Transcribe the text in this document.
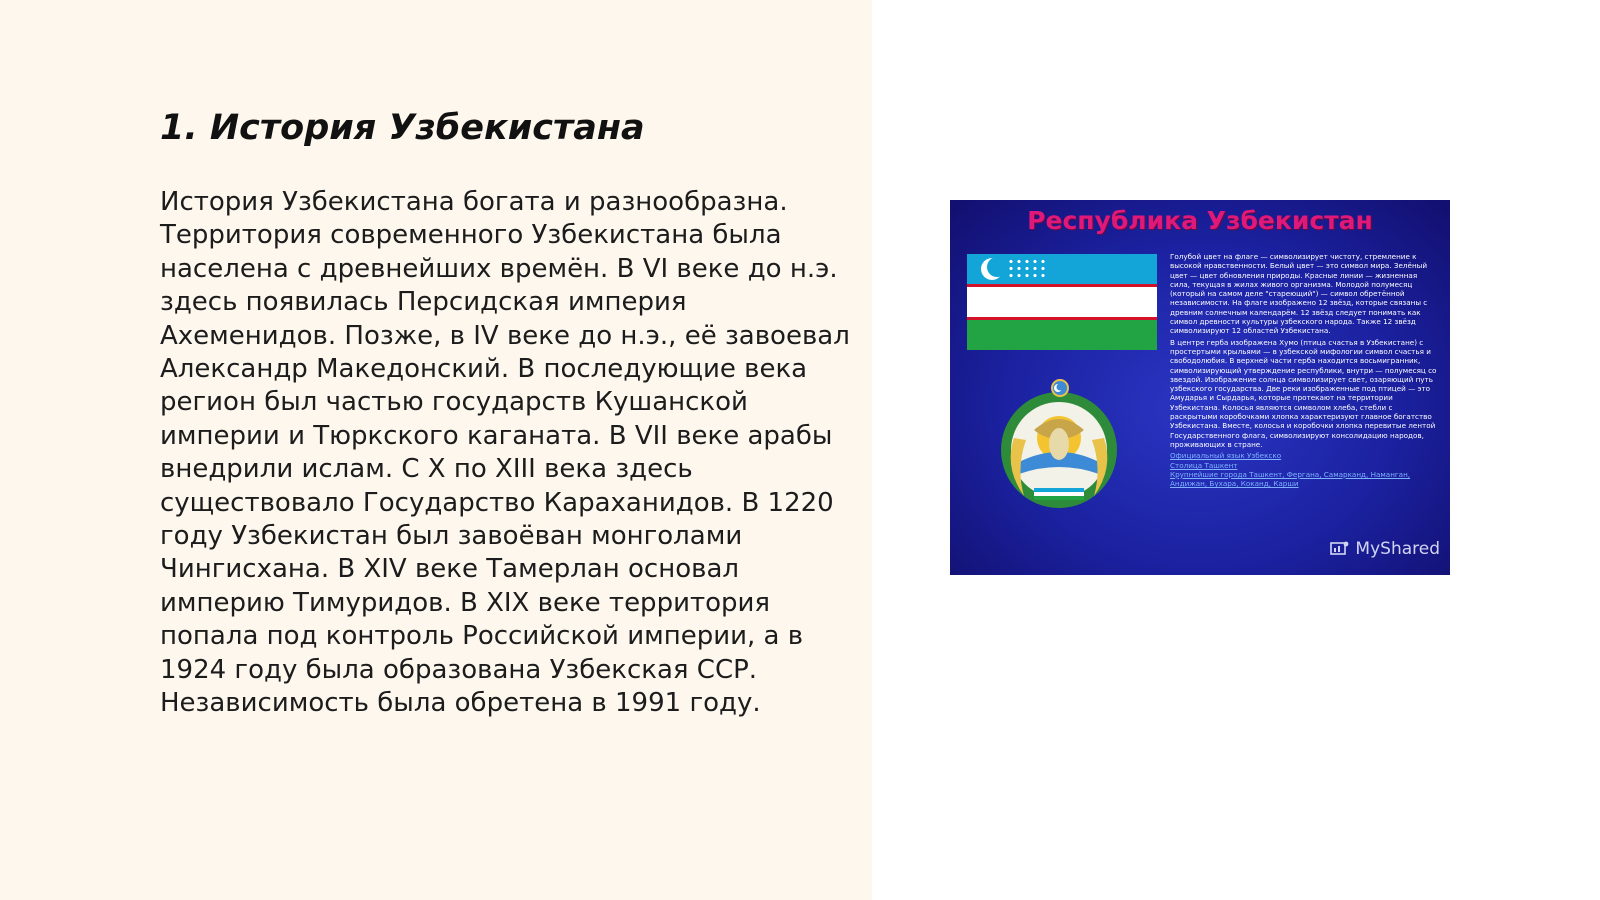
1. История Узбекистана

История Узбекистана богата и разнообразна. Территория современного Узбекистана была населена с древнейших времён. В VI веке до н.э. здесь появилась Персидская империя Ахеменидов. Позже, в IV веке до н.э., её завоевал Александр Македонский. В последующие века регион был частью государств Кушанской империи и Тюркского каганата. В VII веке арабы внедрили ислам. С X по XIII века здесь существовало Государство Караханидов. В 1220 году Узбекистан был завоёван монголами Чингисхана. В XIV веке Тамерлан основал империю Тимуридов. В XIX веке территория попала под контроль Российской империи, а в 1924 году была образована Узбекская ССР. Независимость была обретена в 1991 году.

Республика Узбекистан

Голубой цвет на флаге — символизирует чистоту, стремление к высокой нравственности. Белый цвет — это символ мира. Зелёный цвет — цвет обновления природы. Красные линии — жизненная сила, текущая в жилах живого организма. Молодой полумесяц (который на самом деле "стареющий") — символ обретённой независимости. На флаге изображено 12 звёзд, которые связаны с древним солнечным календарём. 12 звёзд следует понимать как символ древности культуры узбекского народа. Также 12 звёзд символизируют 12 областей Узбекистана.

В центре герба изображена Хумо (птица счастья в Узбекистане) с простертыми крыльями — в узбекской мифологии символ счастья и свободолюбия. В верхней части герба находится восьмигранник, символизирующий утверждение республики, внутри — полумесяц со звездой. Изображение солнца символизирует свет, озаряющий путь узбекского государства. Две реки изображенные под птицей — это Амударья и Сырдарья, которые протекают на территории Узбекистана. Колосья являются символом хлеба, стебли с раскрытыми коробочками хлопка характеризуют главное богатство Узбекистана. Вместе, колосья и коробочки хлопка перевитые лентой Государственного флага, символизируют консолидацию народов, проживающих в стране.

Официальный язык Узбекско
Столица Ташкент
Крупнейшие города Ташкент, Фергана, Самарканд, Наманган, Андижан, Бухара, Коканд, Карши
MyShared
